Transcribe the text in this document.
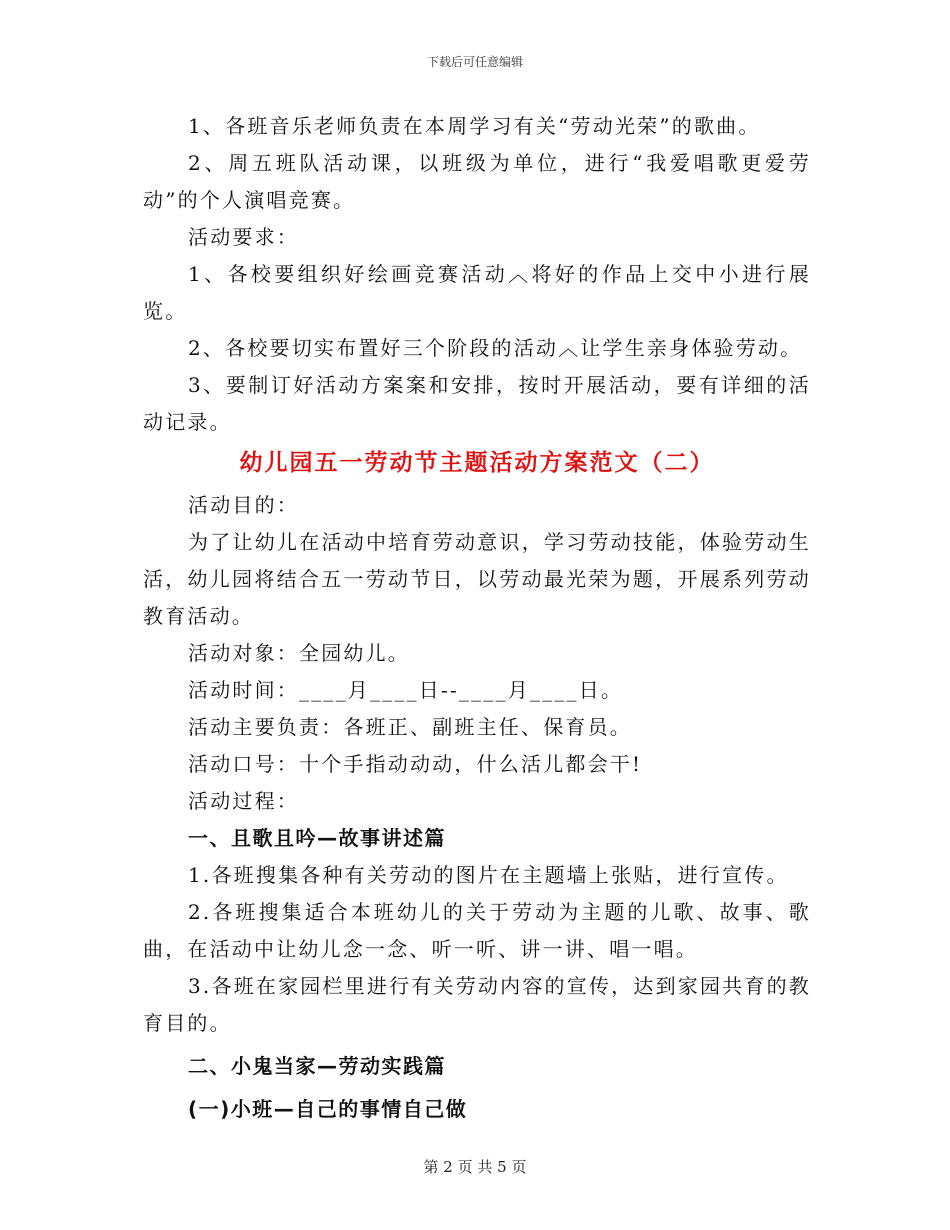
下载后可任意编辑

1、各班音乐老师负责在本周学习有关“劳动光荣”的歌曲。

2、周五班队活动课，以班级为单位，进行“我爱唱歌更爱劳动”的个人演唱竞赛。

活动要求：

1、各校要组织好绘画竞赛活动︿将好的作品上交中小进行展览。

2、各校要切实布置好三个阶段的活动︿让学生亲身体验劳动。

3、要制订好活动方案案和安排，按时开展活动，要有详细的活动记录。

幼儿园五一劳动节主题活动方案范文（二）

活动目的：

为了让幼儿在活动中培育劳动意识，学习劳动技能，体验劳动生活，幼儿园将结合五一劳动节日，以劳动最光荣为题，开展系列劳动教育活动。

活动对象：全园幼儿。

活动时间：____月____日--____月____日。

活动主要负责：各班正、副班主任、保育员。

活动口号：十个手指动动动，什么活儿都会干!

活动过程：

一、且歌且吟—故事讲述篇

1.各班搜集各种有关劳动的图片在主题墙上张贴，进行宣传。

2.各班搜集适合本班幼儿的关于劳动为主题的儿歌、故事、歌曲，在活动中让幼儿念一念、听一听、讲一讲、唱一唱。

3.各班在家园栏里进行有关劳动内容的宣传，达到家园共育的教育目的。

二、小鬼当家—劳动实践篇

(一)小班—自己的事情自己做

第 2 页 共 5 页
